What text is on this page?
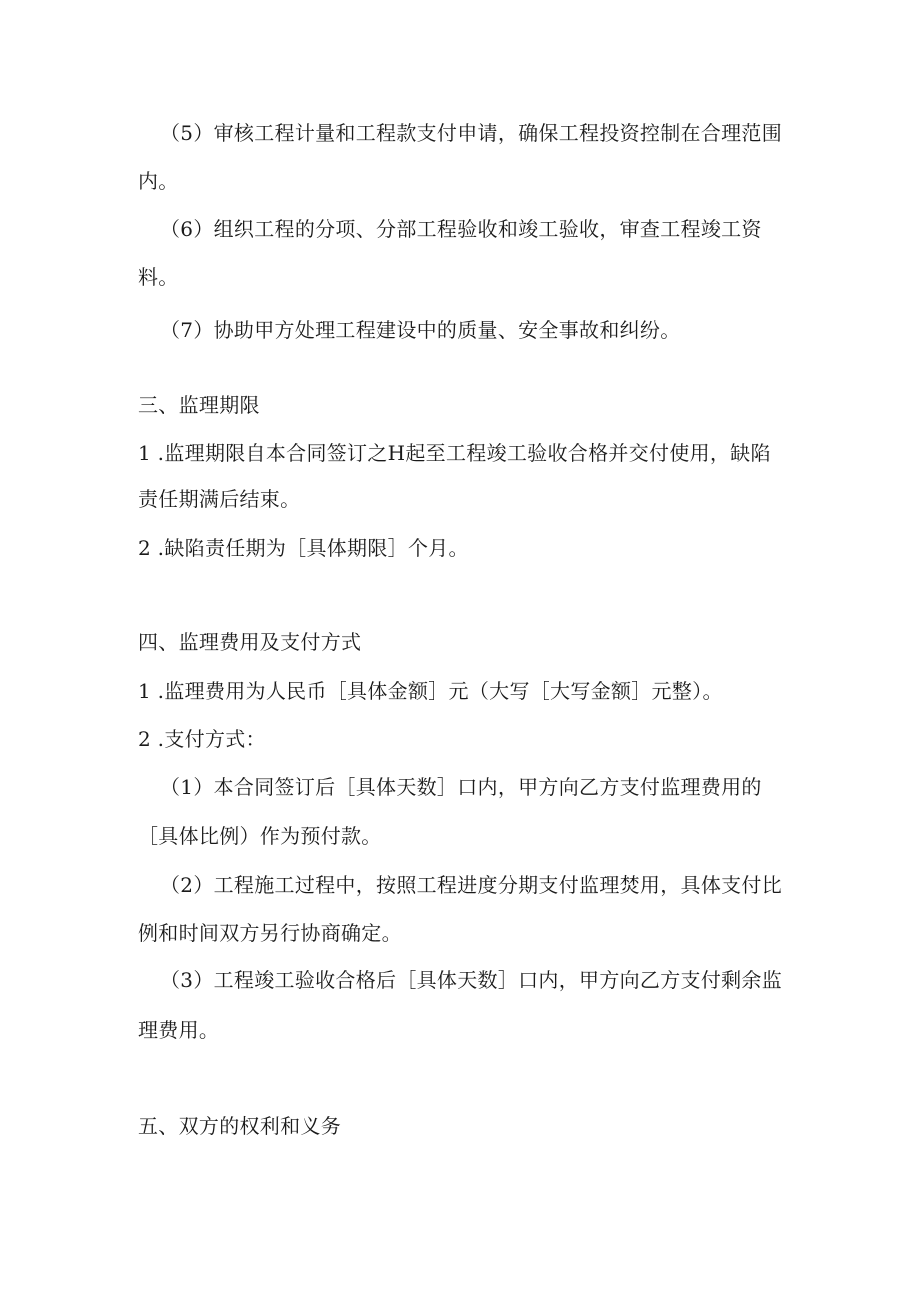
（5）审核工程计量和工程款支付申请，确保工程投资控制在合理范围
内。
（6）组织工程的分项、分部工程验收和竣工验收，审查工程竣工资
料。
（7）协助甲方处理工程建设中的质量、安全事故和纠纷。
三、监理期限
1 .监理期限自本合同签订之H起至工程竣工验收合格并交付使用，缺陷
责任期满后结束。
2 .缺陷责任期为［具体期限］个月。
四、监理费用及支付方式
1 .监理费用为人民币［具体金额］元（大写［大写金额］元整）。
2 .支付方式：
（1）本合同签订后［具体天数］口内，甲方向乙方支付监理费用的
［具体比例）作为预付款。
（2）工程施工过程中，按照工程进度分期支付监理焚用，具体支付比
例和时间双方另行协商确定。
（3）工程竣工验收合格后［具体天数］口内，甲方向乙方支付剩余监
理费用。
五、双方的权利和义务
